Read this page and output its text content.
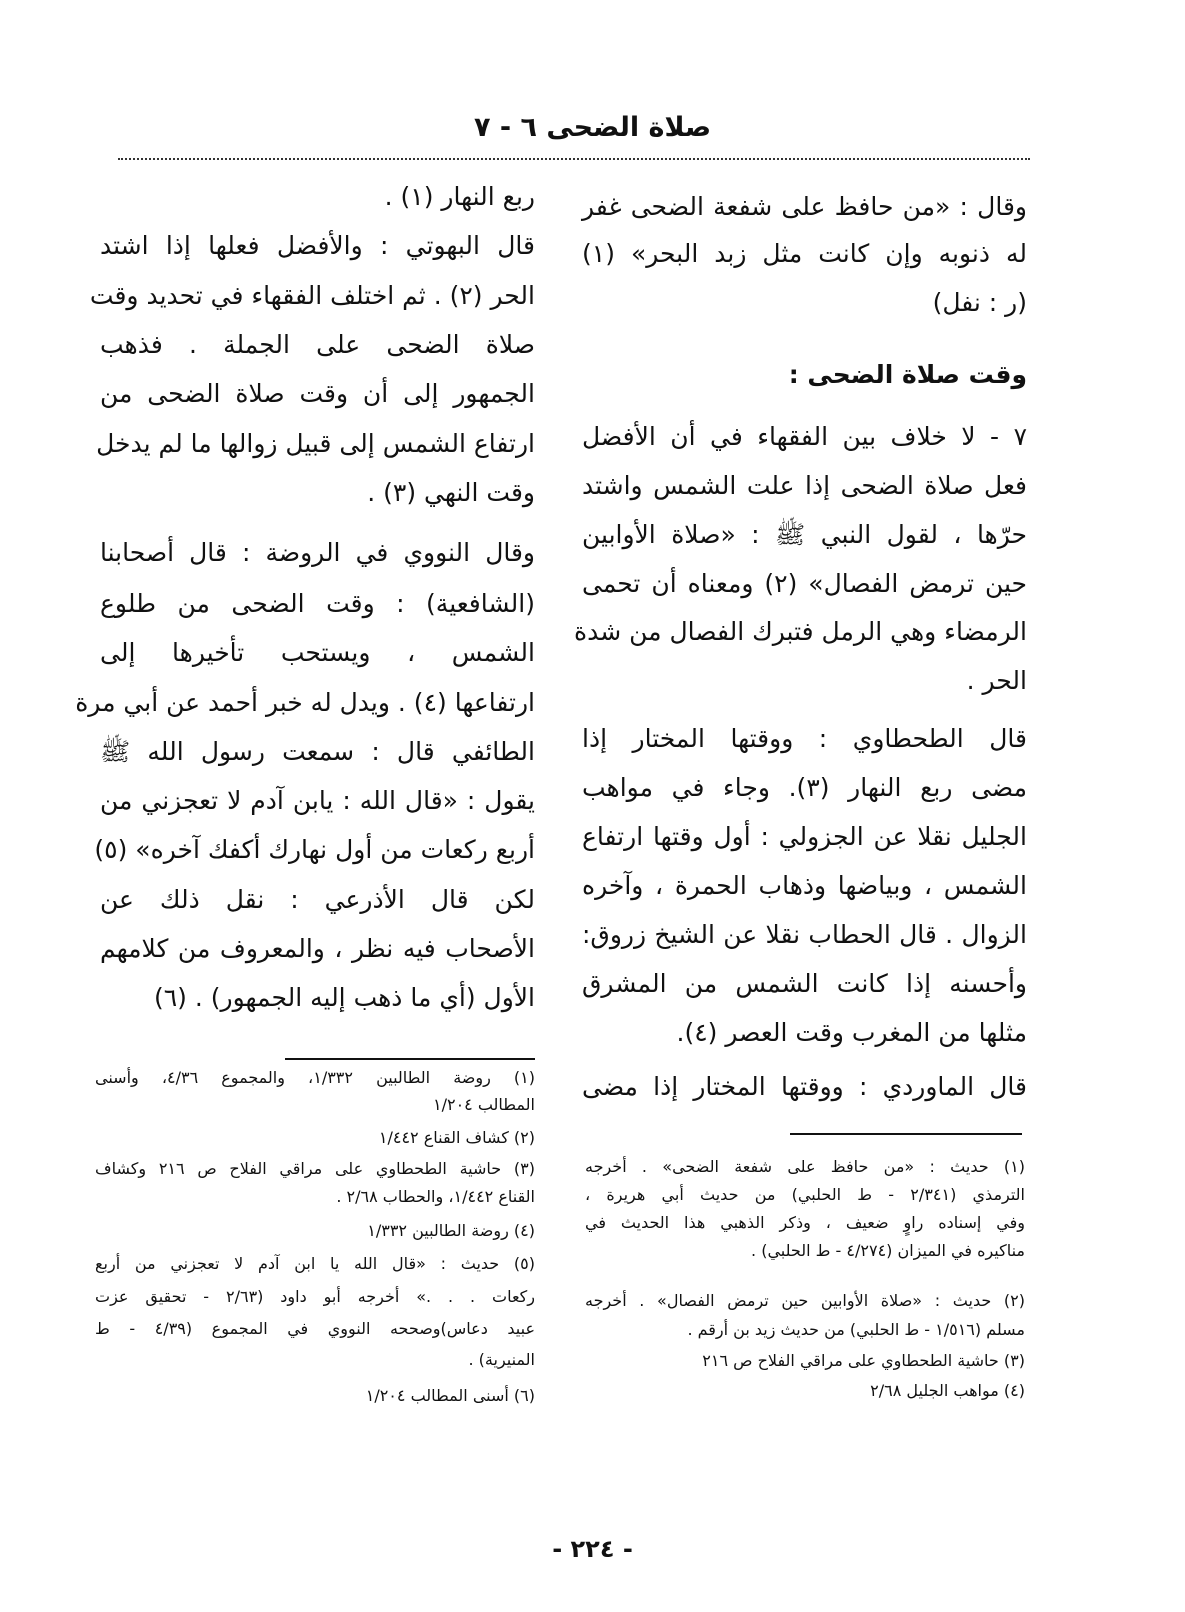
صلاة الضحى ٦ - ٧
وقال : «من حافظ على شفعة الضحى غفر
له ذنوبه وإن كانت مثل زبد البحر» (١)
(ر : نفل)
وقت صلاة الضحى :
٧ - لا خلاف بين الفقهاء في أن الأفضل
فعل صلاة الضحى إذا علت الشمس واشتد
حرّها ، لقول النبي ﷺ : «صلاة الأوابين
حين ترمض الفصال» (٢) ومعناه أن تحمى
الرمضاء وهي الرمل فتبرك الفصال من شدة
الحر .
قال الطحطاوي : ووقتها المختار إذا
مضى ربع النهار (٣). وجاء في مواهب
الجليل نقلا عن الجزولي : أول وقتها ارتفاع
الشمس ، وبياضها وذهاب الحمرة ، وآخره
الزوال . قال الحطاب نقلا عن الشيخ زروق:
وأحسنه إذا كانت الشمس من المشرق
مثلها من المغرب وقت العصر (٤).
قال الماوردي : ووقتها المختار إذا مضى
ربع النهار (١) .
قال البهوتي : والأفضل فعلها إذا اشتد
الحر (٢) . ثم اختلف الفقهاء في تحديد وقت
صلاة الضحى على الجملة . فذهب
الجمهور إلى أن وقت صلاة الضحى من
ارتفاع الشمس إلى قبيل زوالها ما لم يدخل
وقت النهي (٣) .
وقال النووي في الروضة : قال أصحابنا
(الشافعية) : وقت الضحى من طلوع
الشمس ، ويستحب تأخيرها إلى
ارتفاعها (٤) . ويدل له خبر أحمد عن أبي مرة
الطائفي قال : سمعت رسول الله ﷺ
يقول : «قال الله : يابن آدم لا تعجزني من
أربع ركعات من أول نهارك أكفك آخره» (٥)
لكن قال الأذرعي : نقل ذلك عن
الأصحاب فيه نظر ، والمعروف من كلامهم
الأول (أي ما ذهب إليه الجمهور) . (٦)
(١) روضة الطالبين ١/٣٣٢، والمجموع ٤/٣٦، وأسنى
المطالب ١/٢٠٤
(٢) كشاف القناع ١/٤٤٢
(٣) حاشية الطحطاوي على مراقي الفلاح ص ٢١٦ وكشاف
القناع ١/٤٤٢، والحطاب ٢/٦٨ .
(٤) روضة الطالبين ١/٣٣٢
(٥) حديث : «قال الله يا ابن آدم لا تعجزني من أربع
ركعات . . .» أخرجه أبو داود (٢/٦٣ - تحقيق عزت
عبيد دعاس)وصححه النووي في المجموع (٤/٣٩ - ط
المنيرية) .
(٦) أسنى المطالب ١/٢٠٤
(١) حديث : «من حافظ على شفعة الضحى» . أخرجه
الترمذي (٢/٣٤١ - ط الحلبي) من حديث أبي هريرة ،
وفي إسناده راوٍ ضعيف ، وذكر الذهبي هذا الحديث في
مناكيره في الميزان (٤/٢٧٤ - ط الحلبي) .
(٢) حديث : «صلاة الأوابين حين ترمض الفصال» . أخرجه
مسلم (١/٥١٦ - ط الحلبي) من حديث زيد بن أرقم .
(٣) حاشية الطحطاوي على مراقي الفلاح ص ٢١٦
(٤) مواهب الجليل ٢/٦٨
- ٢٢٤ -
